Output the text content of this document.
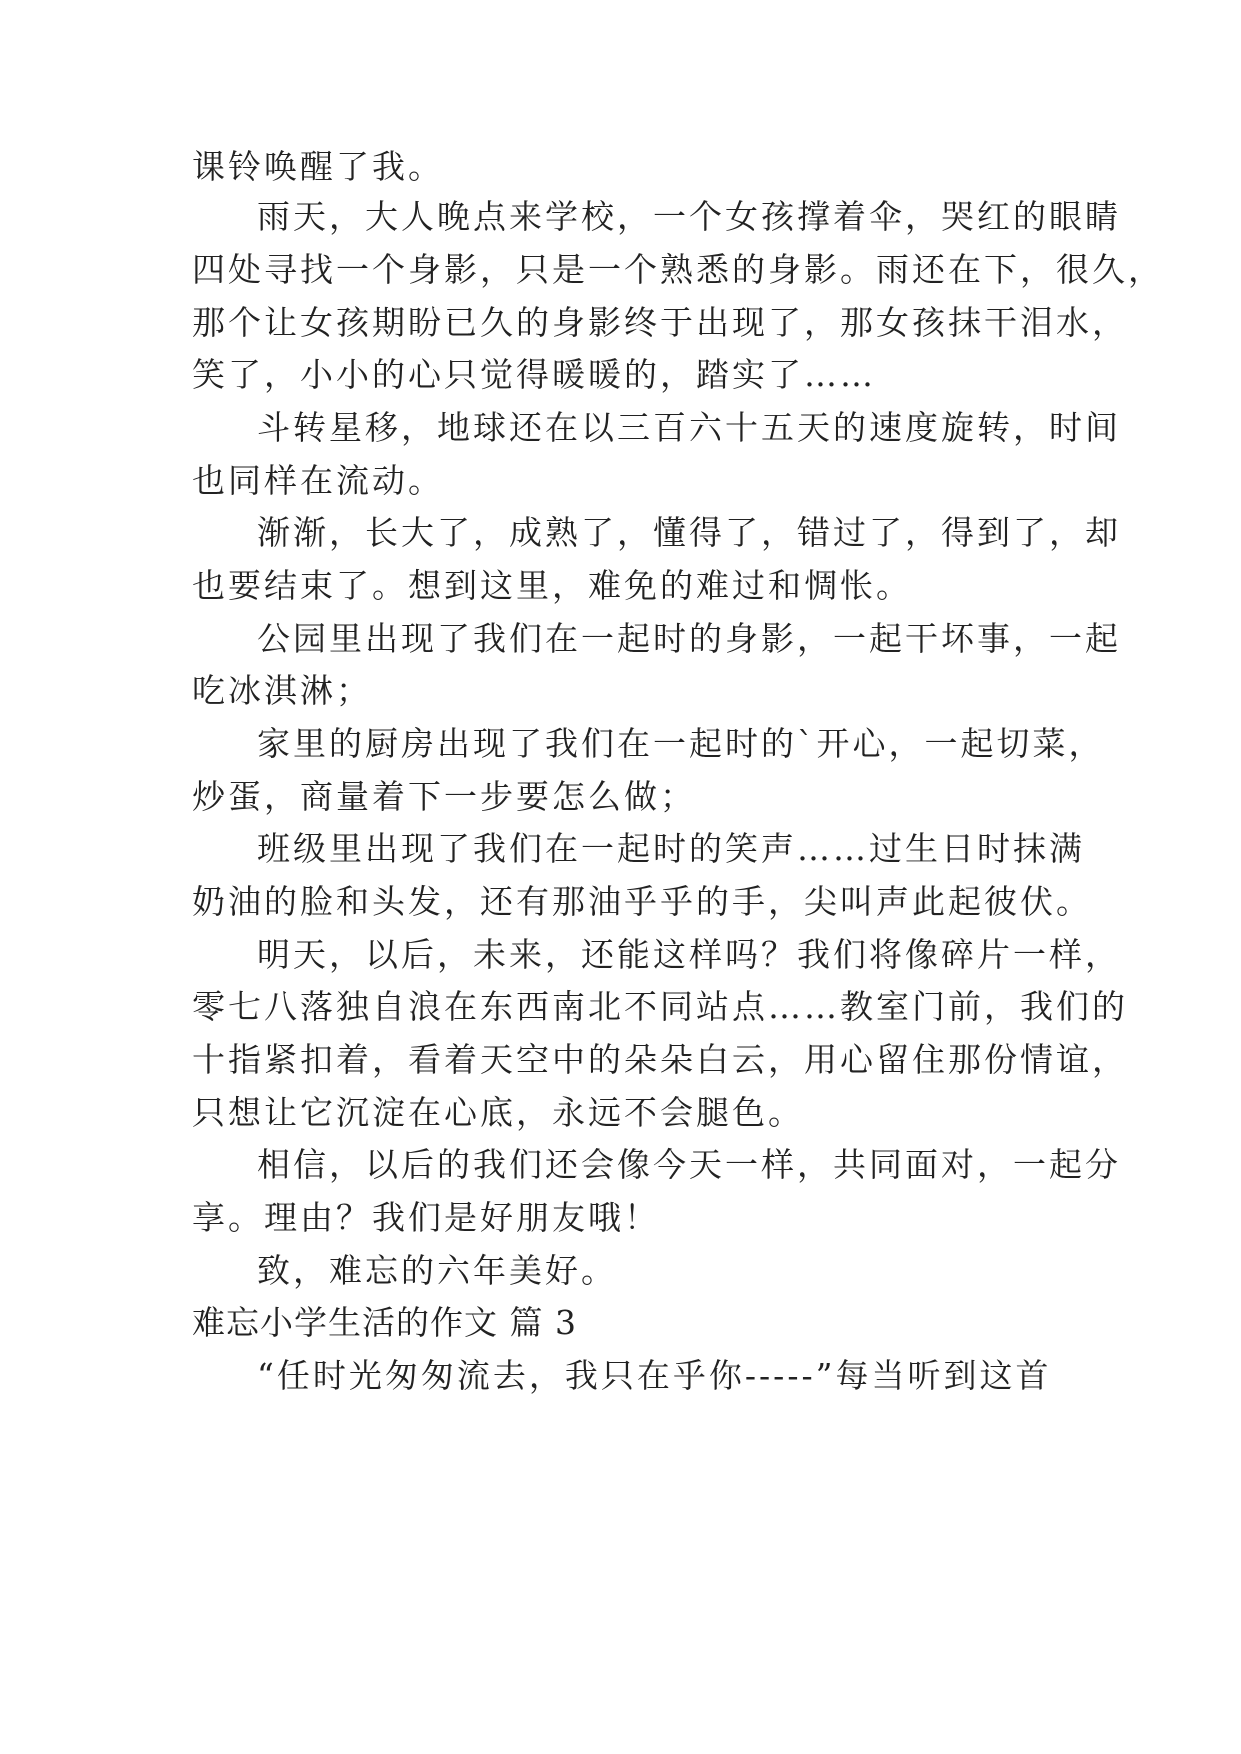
课铃唤醒了我。

雨天，大人晚点来学校，一个女孩撑着伞，哭红的眼睛

四处寻找一个身影，只是一个熟悉的身影。雨还在下，很久，

那个让女孩期盼已久的身影终于出现了，那女孩抹干泪水，

笑了，小小的心只觉得暖暖的，踏实了……

斗转星移，地球还在以三百六十五天的速度旋转，时间

也同样在流动。

渐渐，长大了，成熟了，懂得了，错过了，得到了，却

也要结束了。想到这里，难免的难过和惆怅。

公园里出现了我们在一起时的身影，一起干坏事，一起

吃冰淇淋；

家里的厨房出现了我们在一起时的`开心，一起切菜，

炒蛋，商量着下一步要怎么做；

班级里出现了我们在一起时的笑声……过生日时抹满

奶油的脸和头发，还有那油乎乎的手，尖叫声此起彼伏。

明天，以后，未来，还能这样吗？我们将像碎片一样，

零七八落独自浪在东西南北不同站点……教室门前，我们的

十指紧扣着，看着天空中的朵朵白云，用心留住那份情谊，

只想让它沉淀在心底，永远不会腿色。

相信，以后的我们还会像今天一样，共同面对，一起分

享。理由？我们是好朋友哦！

致，难忘的六年美好。

难忘小学生活的作文 篇 3

“任时光匆匆流去，我只在乎你-----”每当听到这首
